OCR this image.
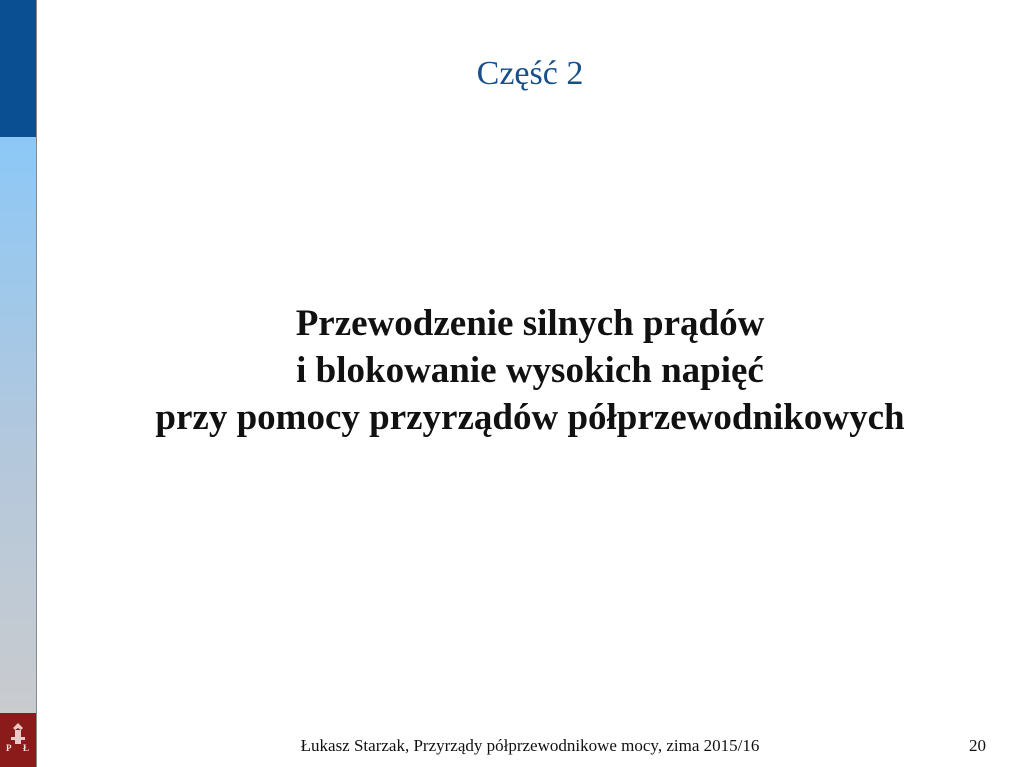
P Ł
Część 2
Przewodzenie silnych prądów
i blokowanie wysokich napięć
przy pomocy przyrządów półprzewodnikowych
Łukasz Starzak, Przyrządy półprzewodnikowe mocy, zima 2015/16	20
